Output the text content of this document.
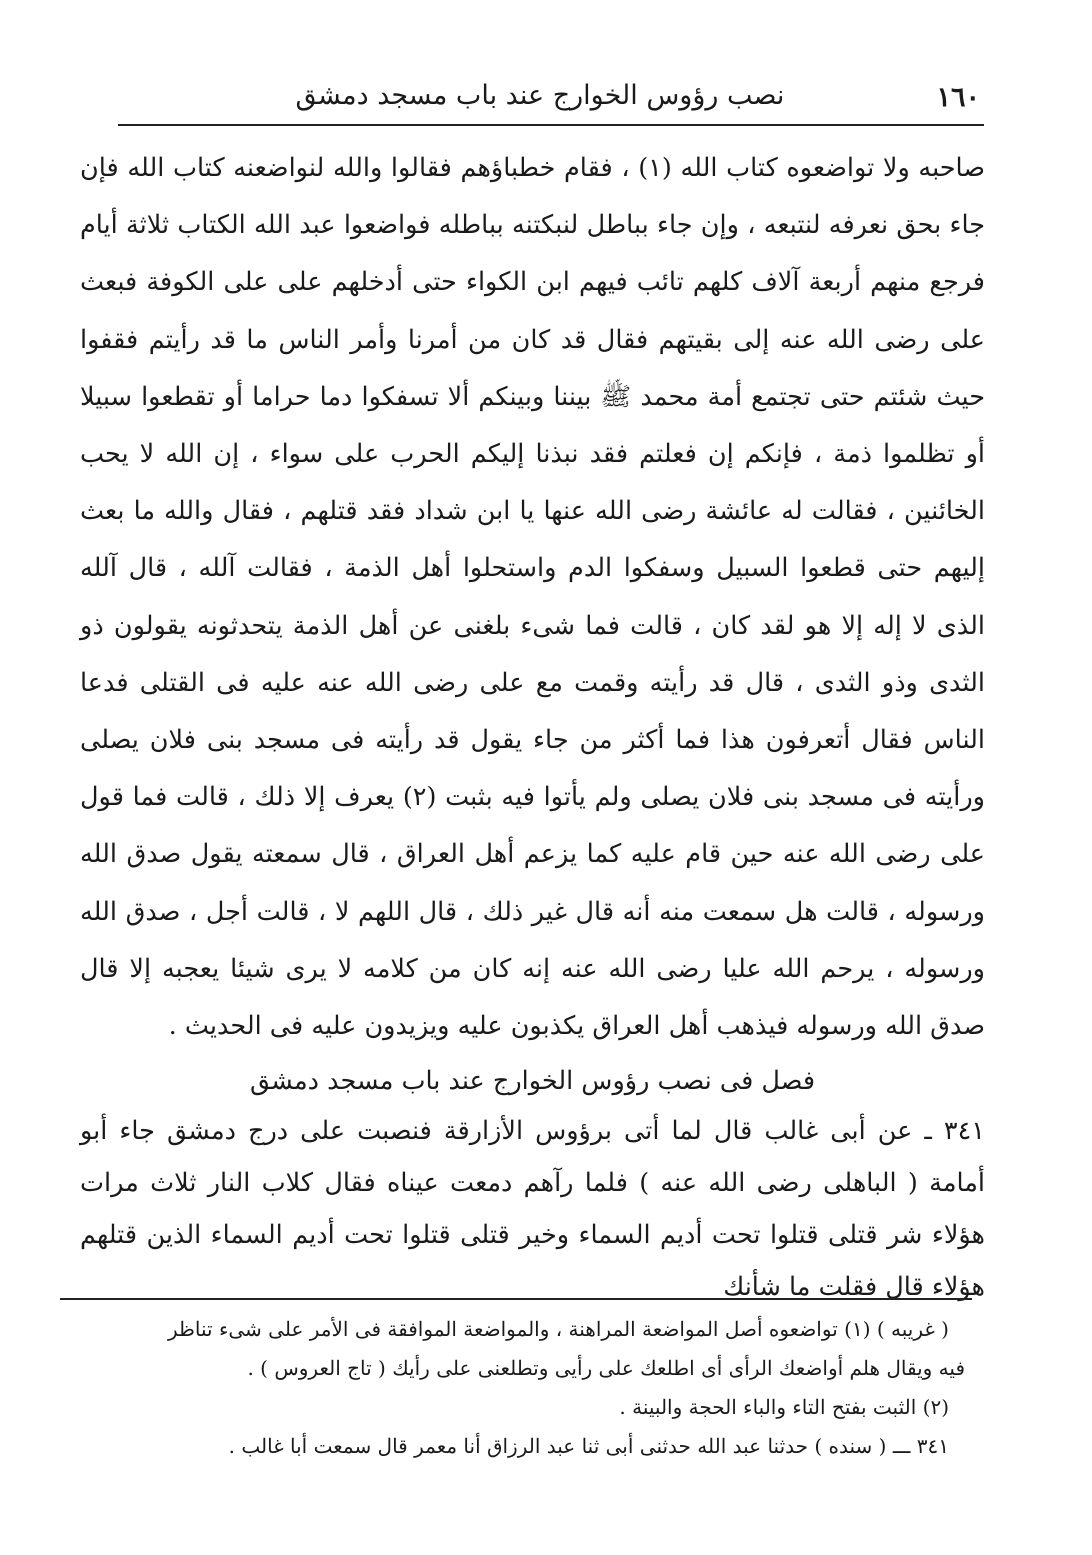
١٦٠
نصب رؤوس الخوارج عند باب مسجد دمشق

صاحبه ولا تواضعوه كتاب الله (١) ، فقام خطباؤهم فقالوا والله لنواضعنه كتاب الله فإن جاء بحق نعرفه لنتبعه ، وإن جاء بباطل لنبكتنه بباطله فواضعوا عبد الله الكتاب ثلاثة أيام فرجع منهم أربعة آلاف كلهم تائب فيهم ابن الكواء حتى أدخلهم على على الكوفة فبعث على رضى الله عنه إلى بقيتهم فقال قد كان من أمرنا وأمر الناس ما قد رأيتم فقفوا حيث شئتم حتى تجتمع أمة محمد ﷺ بيننا وبينكم ألا تسفكوا دما حراما أو تقطعوا سبيلا أو تظلموا ذمة ، فإنكم إن فعلتم فقد نبذنا إليكم الحرب على سواء ، إن الله لا يحب الخائنين ، فقالت له عائشة رضى الله عنها يا ابن شداد فقد قتلهم ، فقال والله ما بعث إليهم حتى قطعوا السبيل وسفكوا الدم واستحلوا أهل الذمة ، فقالت آلله ، قال آلله الذى لا إله إلا هو لقد كان ، قالت فما شىء بلغنى عن أهل الذمة يتحدثونه يقولون ذو الثدى وذو الثدى ، قال قد رأيته وقمت مع على رضى الله عنه عليه فى القتلى فدعا الناس فقال أتعرفون هذا فما أكثر من جاء يقول قد رأيته فى مسجد بنى فلان يصلى ورأيته فى مسجد بنى فلان يصلى ولم يأتوا فيه بثبت (٢) يعرف إلا ذلك ، قالت فما قول على رضى الله عنه حين قام عليه كما يزعم أهل العراق ، قال سمعته يقول صدق الله ورسوله ، قالت هل سمعت منه أنه قال غير ذلك ، قال اللهم لا ، قالت أجل ، صدق الله ورسوله ، يرحم الله عليا رضى الله عنه إنه كان من كلامه لا يرى شيئا يعجبه إلا قال صدق الله ورسوله فيذهب أهل العراق يكذبون عليه ويزيدون عليه فى الحديث .

فصل فى نصب رؤوس الخوارج عند باب مسجد دمشق

٣٤١ ـ عن أبى غالب قال لما أتى برؤوس الأزارقة فنصبت على درج دمشق جاء أبو أمامة ( الباهلى رضى الله عنه ) فلما رآهم دمعت عيناه فقال كلاب النار ثلاث مرات هؤلاء شر قتلى قتلوا تحت أديم السماء وخير قتلى قتلوا تحت أديم السماء الذين قتلهم هؤلاء قال فقلت ما شأنك

( غريبه ) (١) تواضعوه أصل المواضعة المراهنة ، والمواضعة الموافقة فى الأمر على شىء تناظر

فيه ويقال هلم أواضعك الرأى أى اطلعك على رأيى وتطلعنى على رأيك ( تاج العروس ) .

(٢) الثبت بفتح التاء والباء الحجة والبينة .

٣٤١ ـــ ( سنده ) حدثنا عبد الله حدثنى أبى ثنا عبد الرزاق أنا معمر قال سمعت أبا غالب .
